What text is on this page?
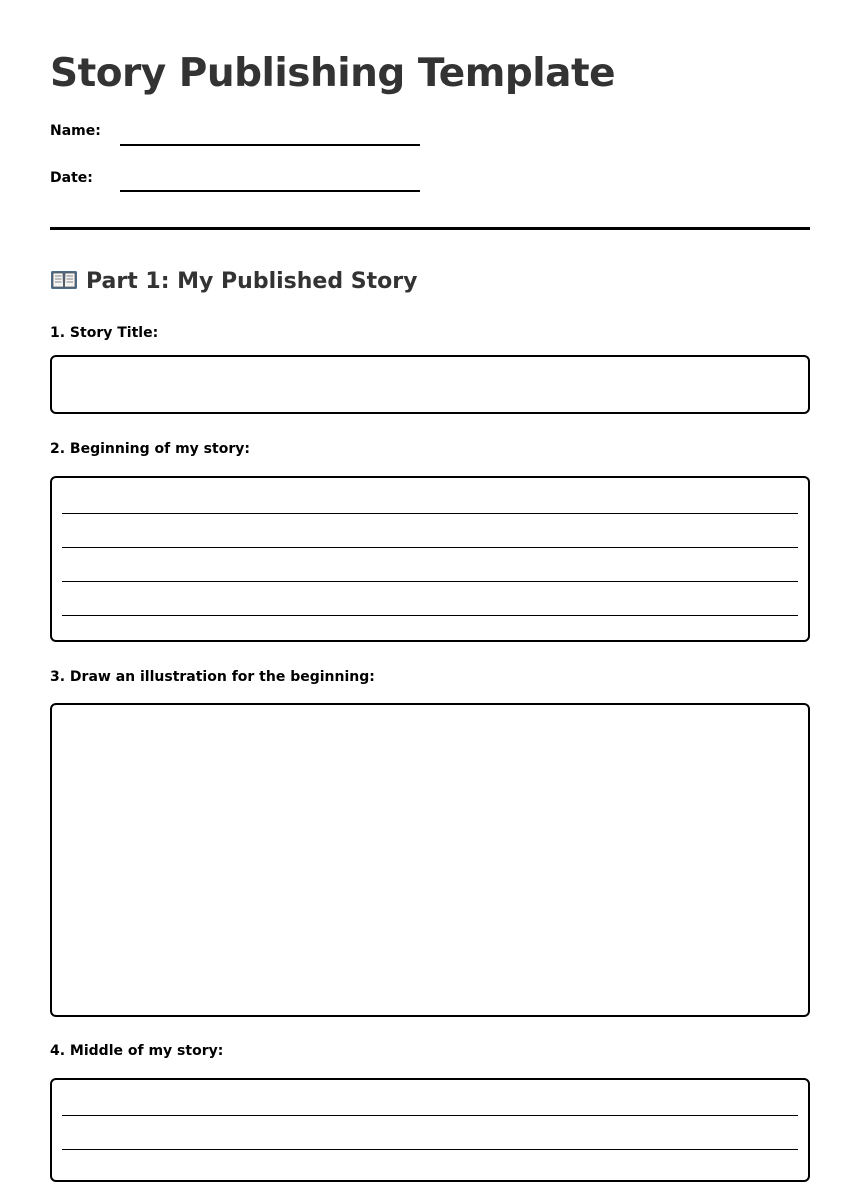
Story Publishing Template
Name:
Date:
Part 1: My Published Story
1. Story Title:
2. Beginning of my story:
3. Draw an illustration for the beginning:
4. Middle of my story:
